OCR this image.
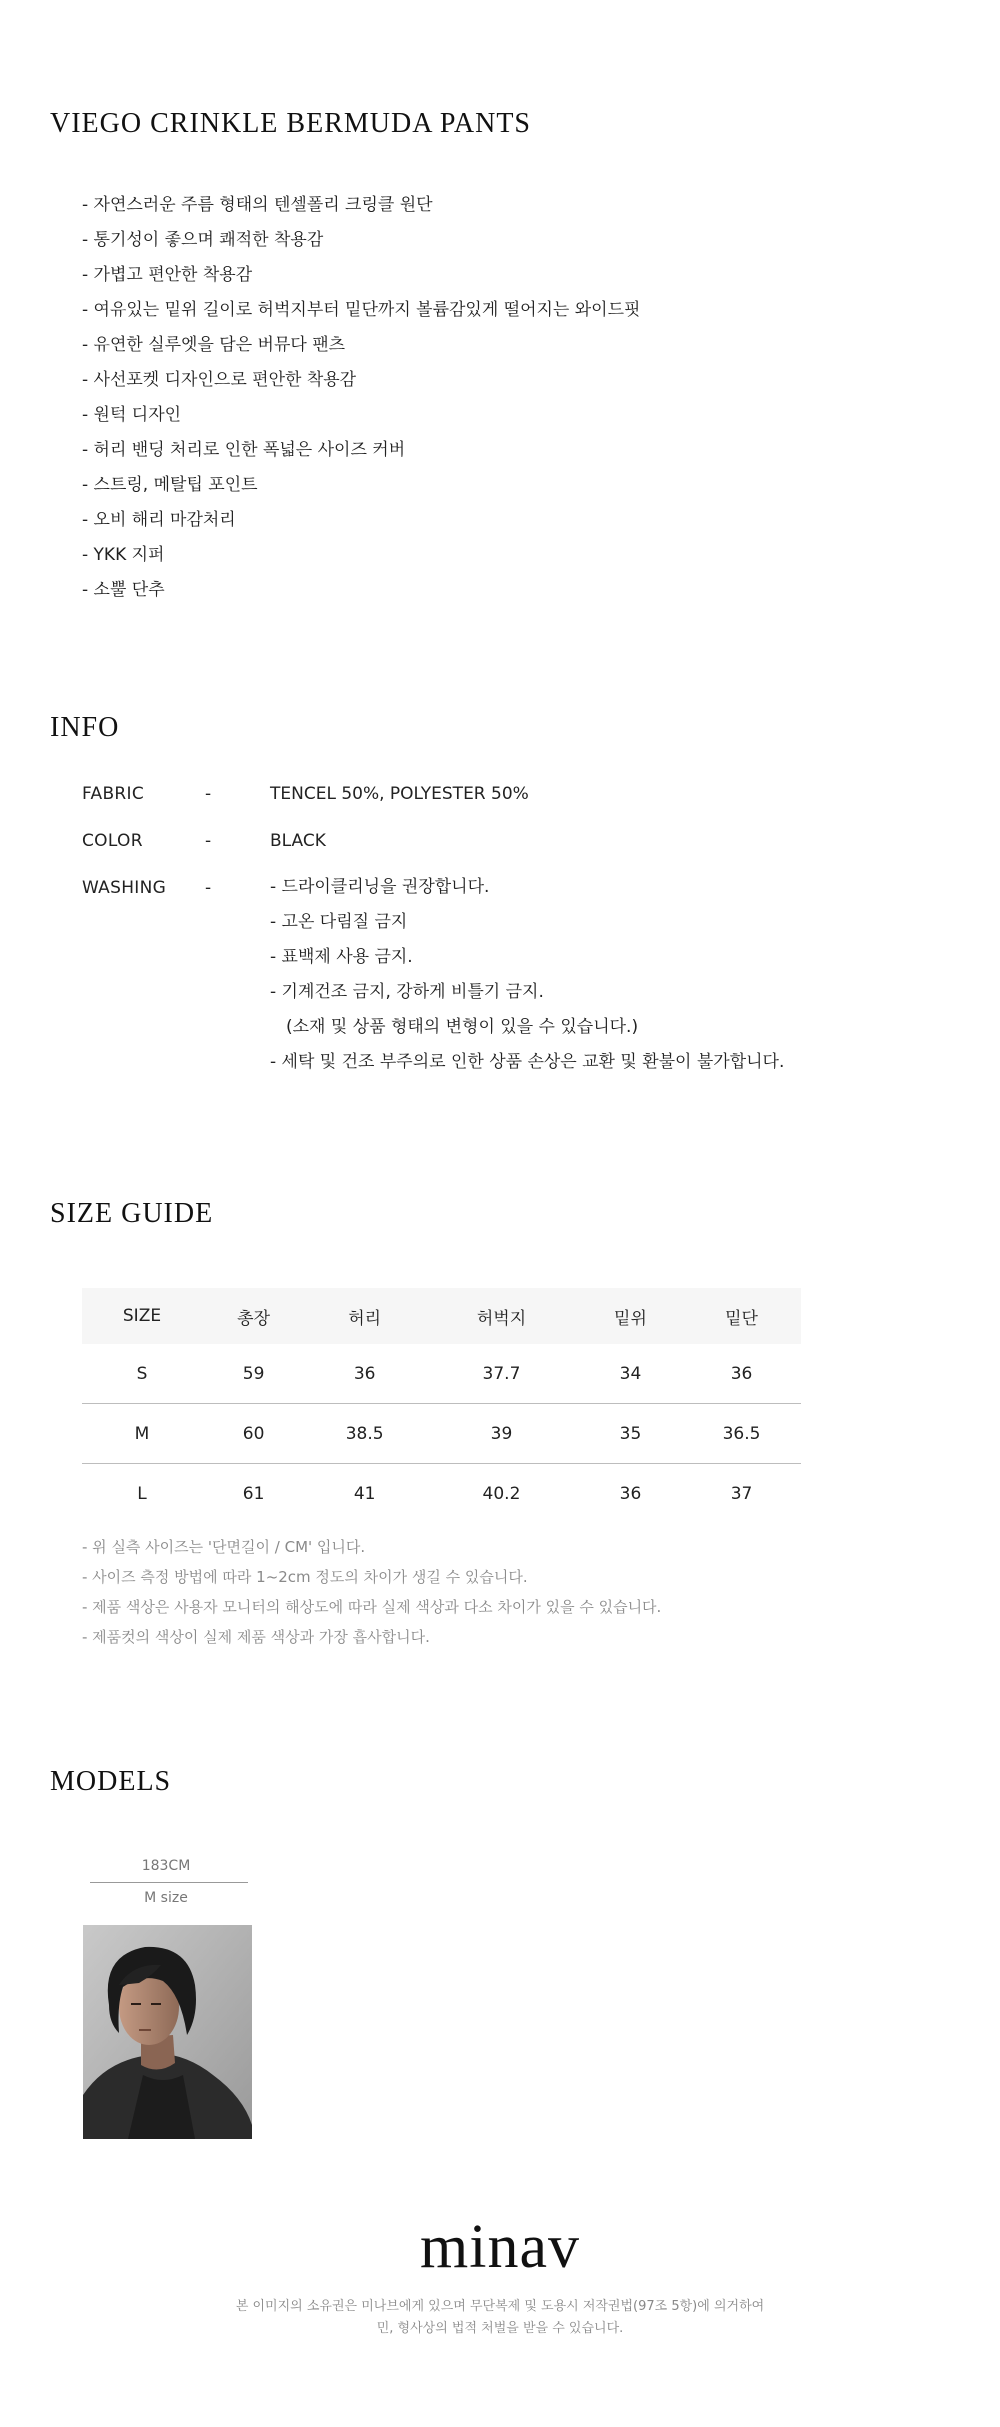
VIEGO CRINKLE BERMUDA PANTS
- 자연스러운 주름 형태의 텐셀폴리 크링클 원단
- 통기성이 좋으며 쾌적한 착용감
- 가볍고 편안한 착용감
- 여유있는 밑위 길이로 허벅지부터 밑단까지 볼륨감있게 떨어지는 와이드핏
- 유연한 실루엣을 담은 버뮤다 팬츠
- 사선포켓 디자인으로 편안한 착용감
- 원턱 디자인
- 허리 밴딩 처리로 인한 폭넓은 사이즈 커버
- 스트링, 메탈팁 포인트
- 오비 해리 마감처리
- YKK 지퍼
- 소뿔 단추
INFO
FABRIC	-	TENCEL 50%, POLYESTER 50%
COLOR	-	BLACK
WASHING	-	- 드라이클리닝을 권장합니다.
- 고온 다림질 금지
- 표백제 사용 금지.
- 기계건조 금지, 강하게 비틀기 금지.
(소재 및 상품 형태의 변형이 있을 수 있습니다.)
- 세탁 및 건조 부주의로 인한 상품 손상은 교환 및 환불이 불가합니다.
SIZE GUIDE
SIZE	총장	허리	허벅지	밑위	밑단
S	59	36	37.7	34	36
M	60	38.5	39	35	36.5
L	61	41	40.2	36	37
- 위 실측 사이즈는 '단면길이 / CM' 입니다.
- 사이즈 측정 방법에 따라 1~2cm 정도의 차이가 생길 수 있습니다.
- 제품 색상은 사용자 모니터의 해상도에 따라 실제 색상과 다소 차이가 있을 수 있습니다.
- 제품컷의 색상이 실제 제품 색상과 가장 흡사합니다.
MODELS
183CM
M size
minav
본 이미지의 소유권은 미나브에게 있으며 무단복제 및 도용시 저작권법(97조 5항)에 의거하여
민, 형사상의 법적 처벌을 받을 수 있습니다.
